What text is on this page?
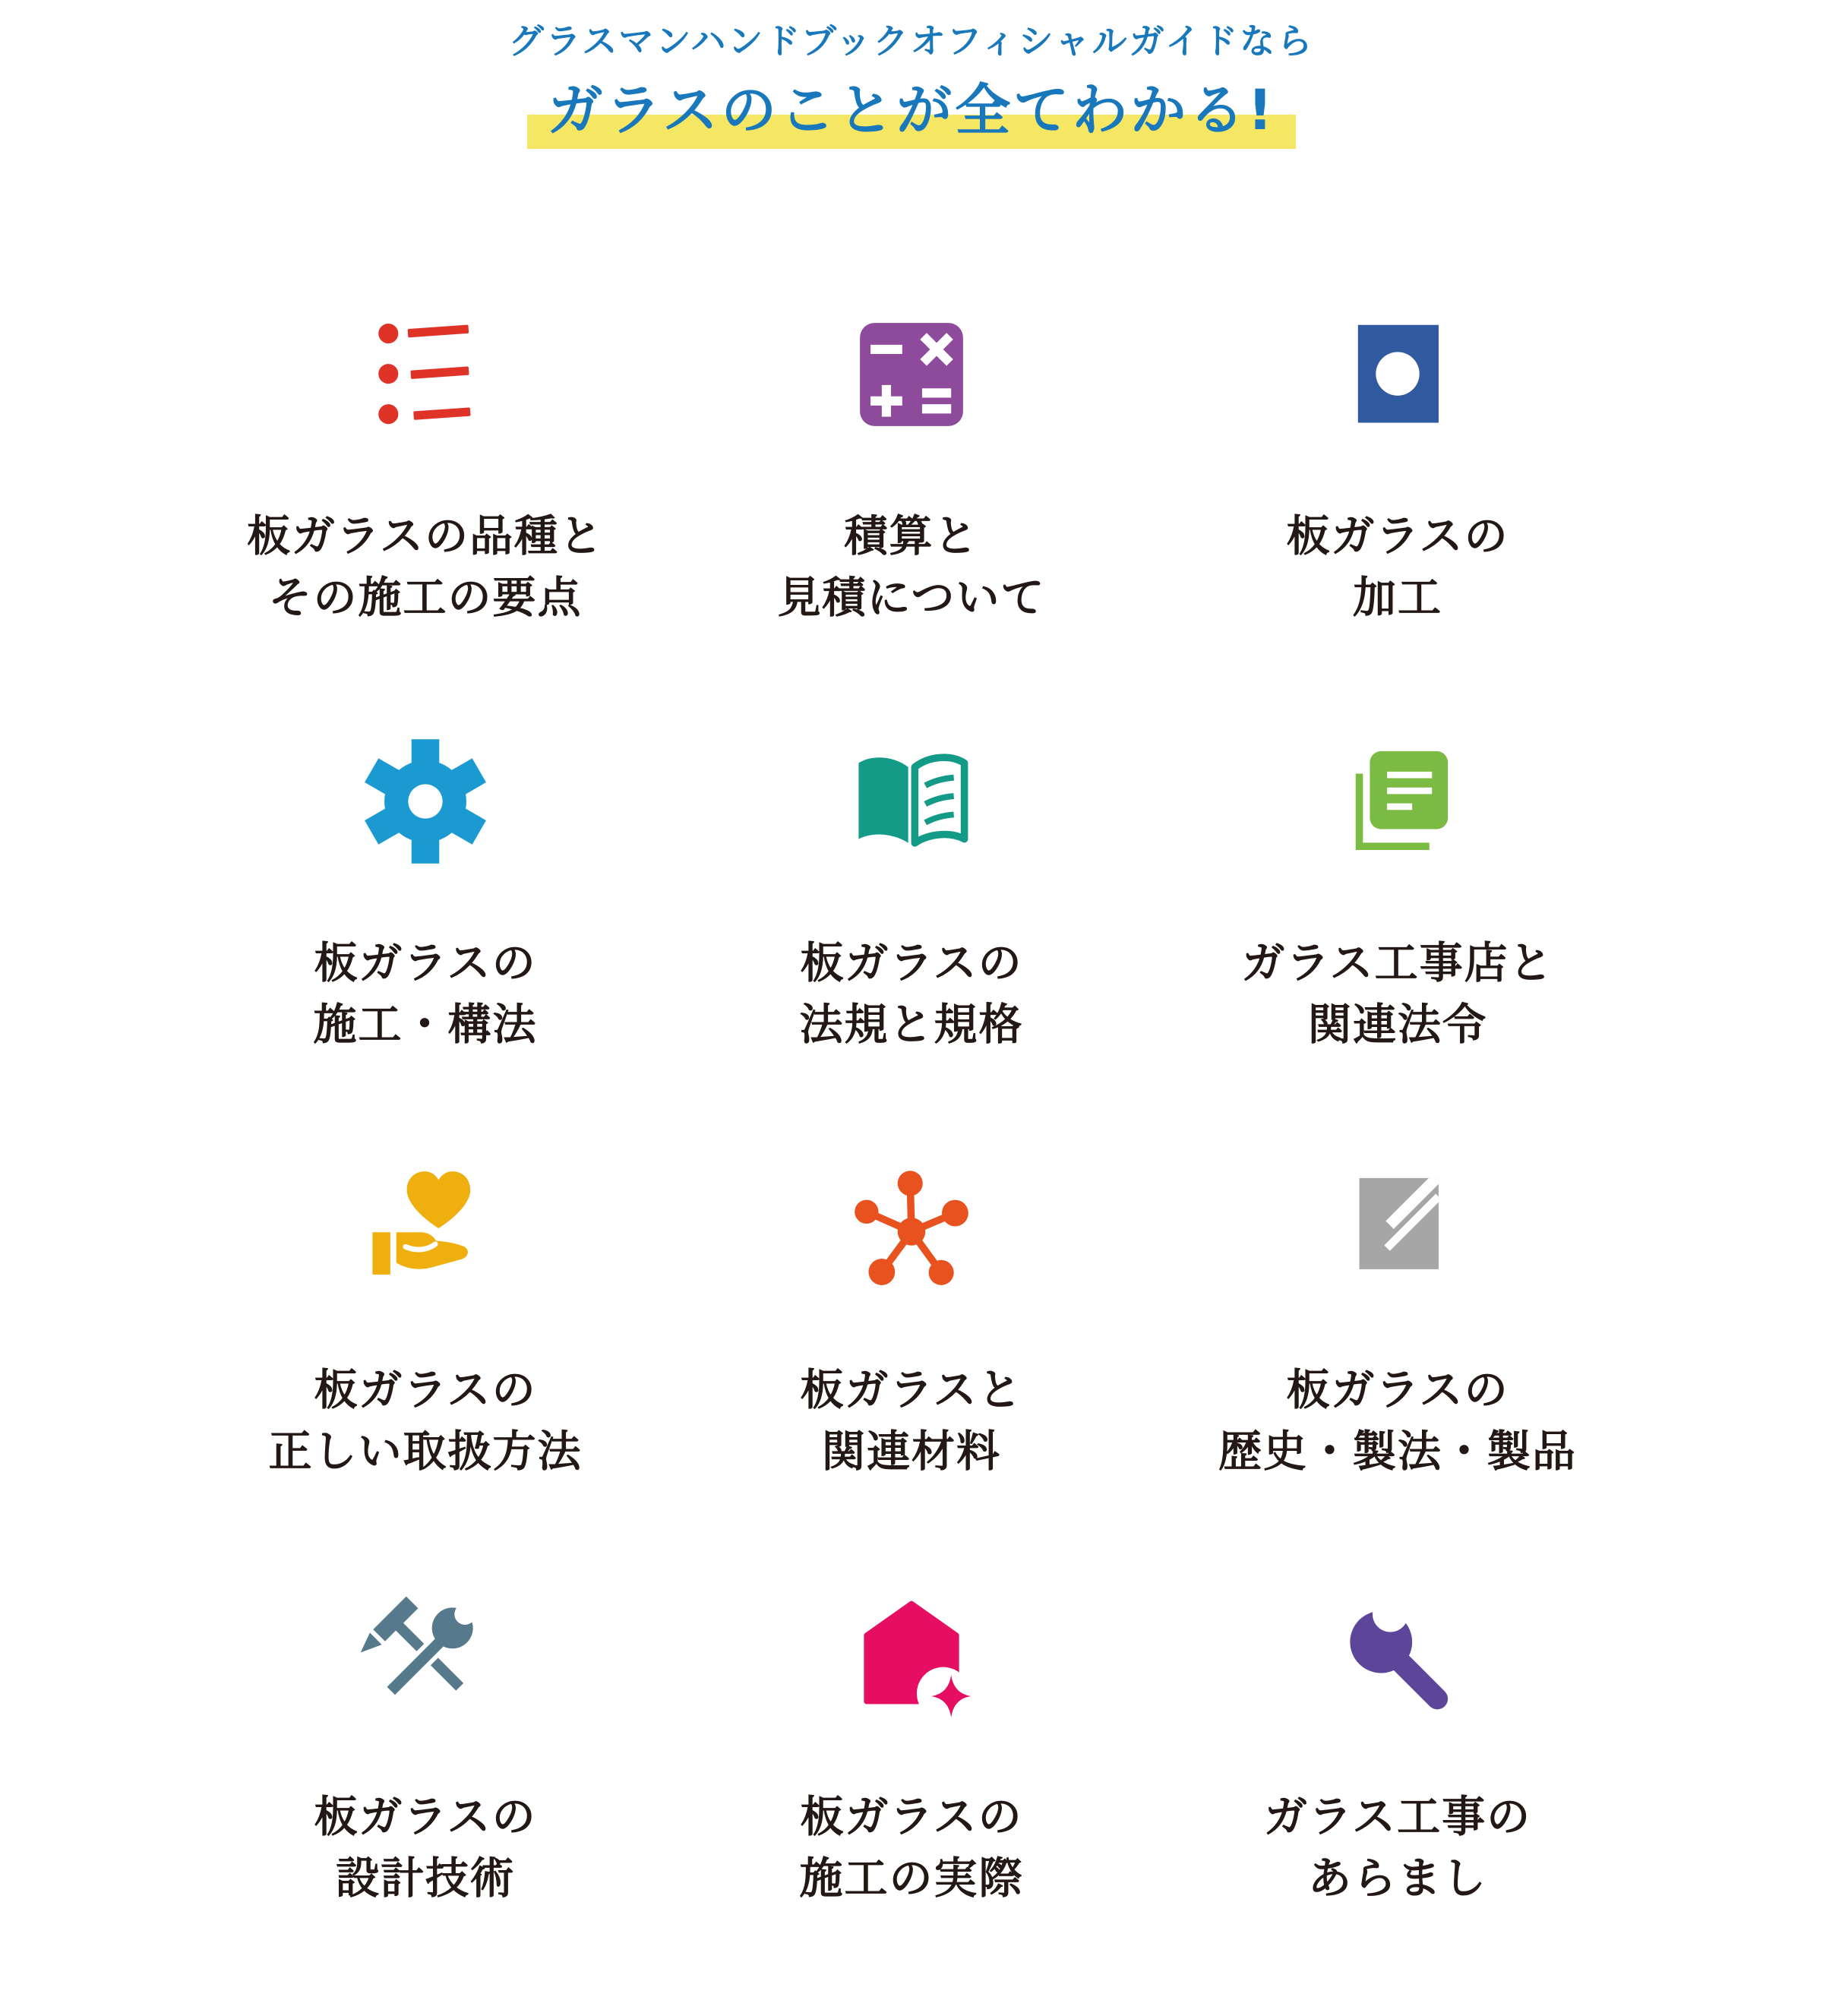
グラスマンハンドブックオフィシャルガイドなら
ガラスのことが全てわかる!
板ガラスの品種と
その施工の要点
積算と
見積について
板ガラスの
加工
板ガラスの
施工・構法
板ガラスの
法規と規格
ガラス工事店と
関連法令
板ガラスの
正しい取扱方法
板ガラスと
関連材料
板ガラスの
歴史・製法・製品
板ガラスの
設計技術
板ガラスの
施工の実際
ガラス工事の
あらまし
